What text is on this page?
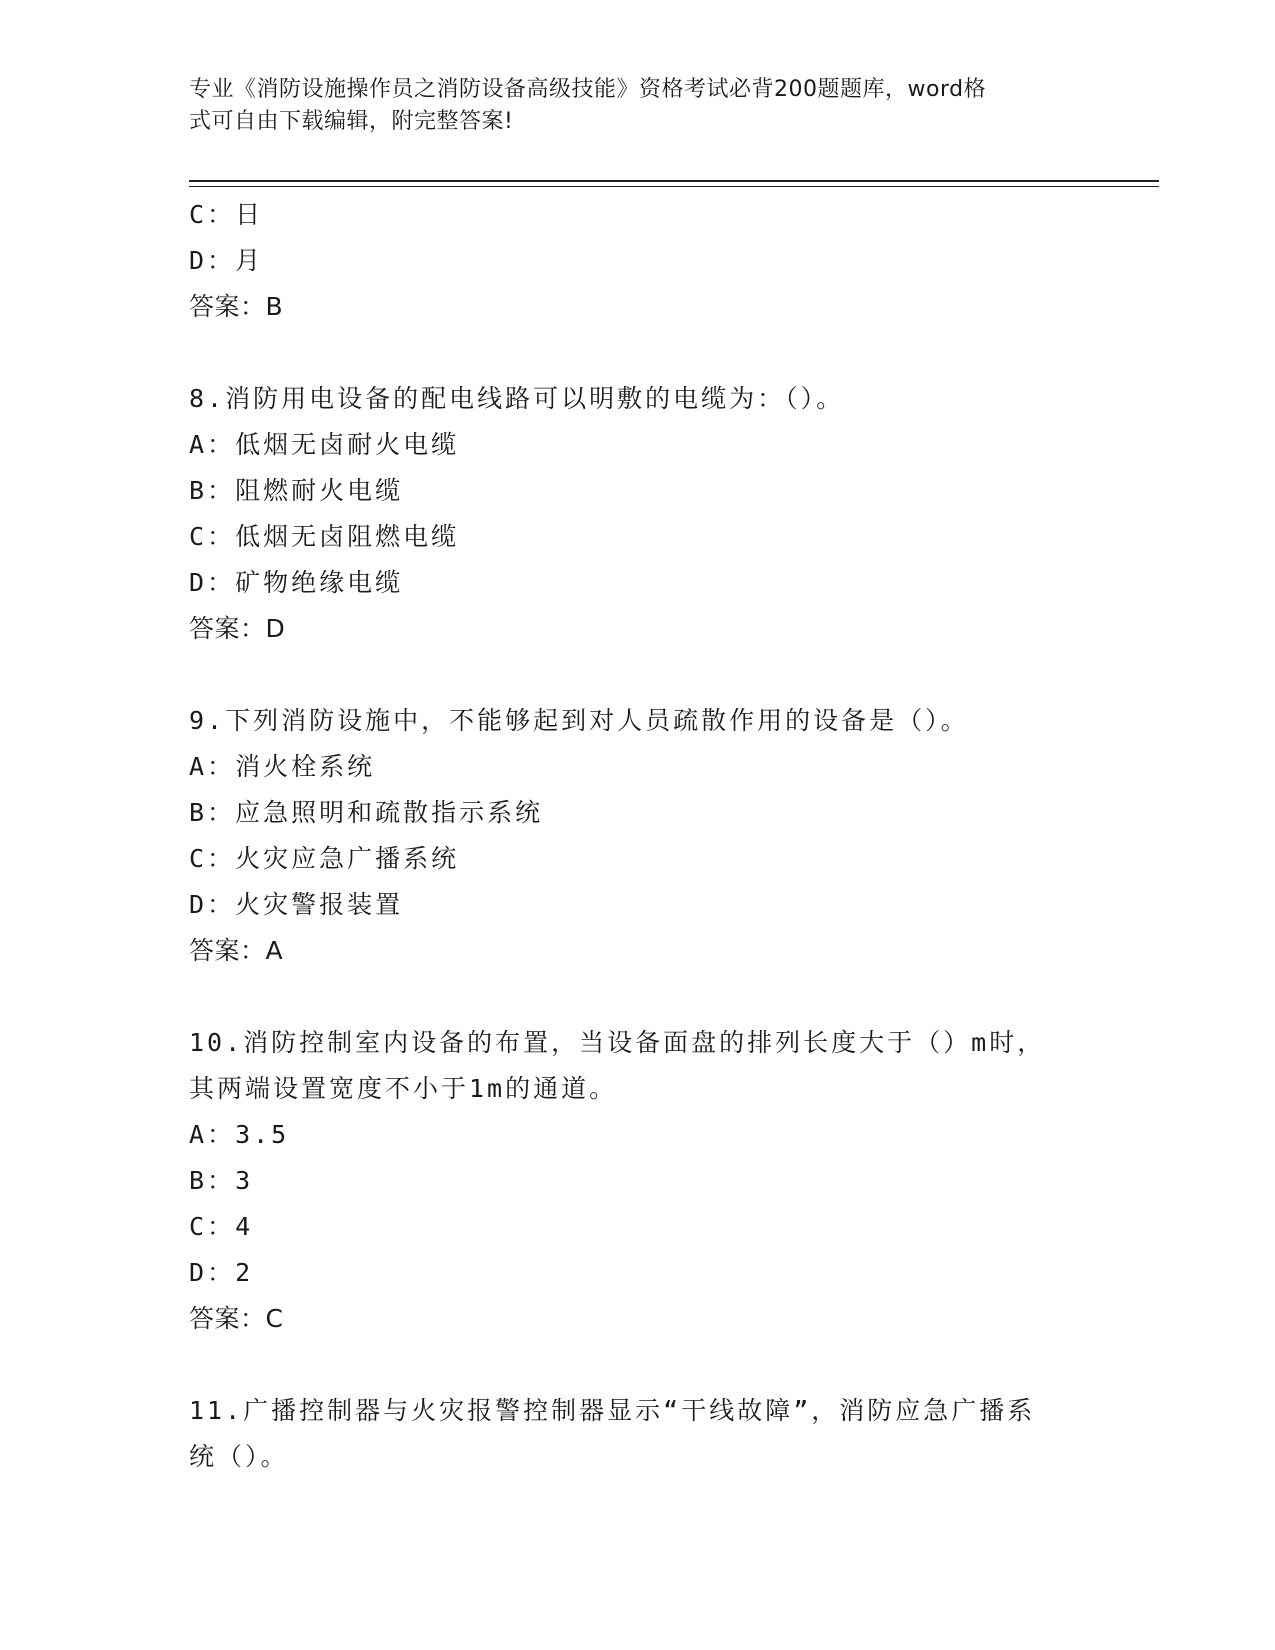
专业《消防设施操作员之消防设备高级技能》资格考试必背200题题库，word格
式可自由下载编辑，附完整答案!
C：日
D：月
答案：B
8.消防用电设备的配电线路可以明敷的电缆为：（）。
A：低烟无卤耐火电缆
B：阻燃耐火电缆
C：低烟无卤阻燃电缆
D：矿物绝缘电缆
答案：D
9.下列消防设施中，不能够起到对人员疏散作用的设备是（）。
A：消火栓系统
B：应急照明和疏散指示系统
C：火灾应急广播系统
D：火灾警报装置
答案：A
10.消防控制室内设备的布置，当设备面盘的排列长度大于（）m时，
其两端设置宽度不小于1m的通道。
A：3.5
B：3
C：4
D：2
答案：C
11.广播控制器与火灾报警控制器显示“干线故障”，消防应急广播系
统（）。
